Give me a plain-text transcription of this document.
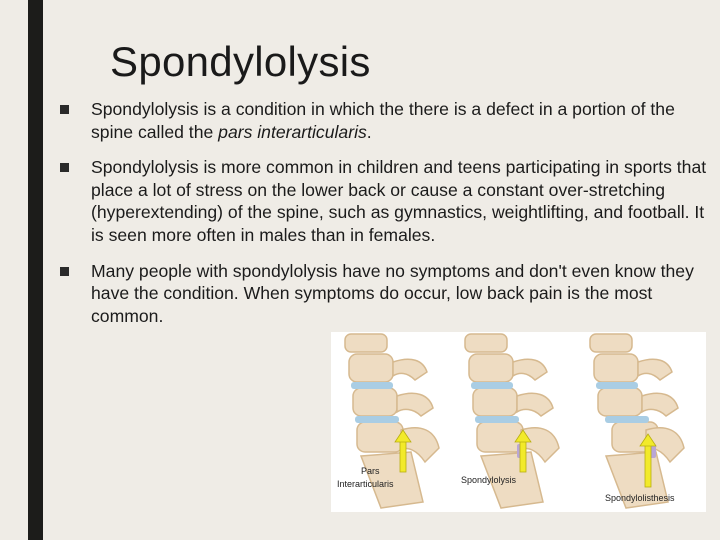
Spondylolysis
Spondylolysis is a condition in which the there is a defect in a portion of the spine called the pars interarticularis.
Spondylolysis is more common in children and teens participating in sports that place a lot of stress on the lower back or cause a constant over-stretching (hyperextending) of the spine, such as gymnastics, weightlifting, and football. It is seen more often in males than in females.
Many people with spondylolysis have no symptoms and don't even know they have the condition. When symptoms do occur, low back pain is the most common.
Pars
Interarticularis	Spondylolysis
Spondylolisthesis
